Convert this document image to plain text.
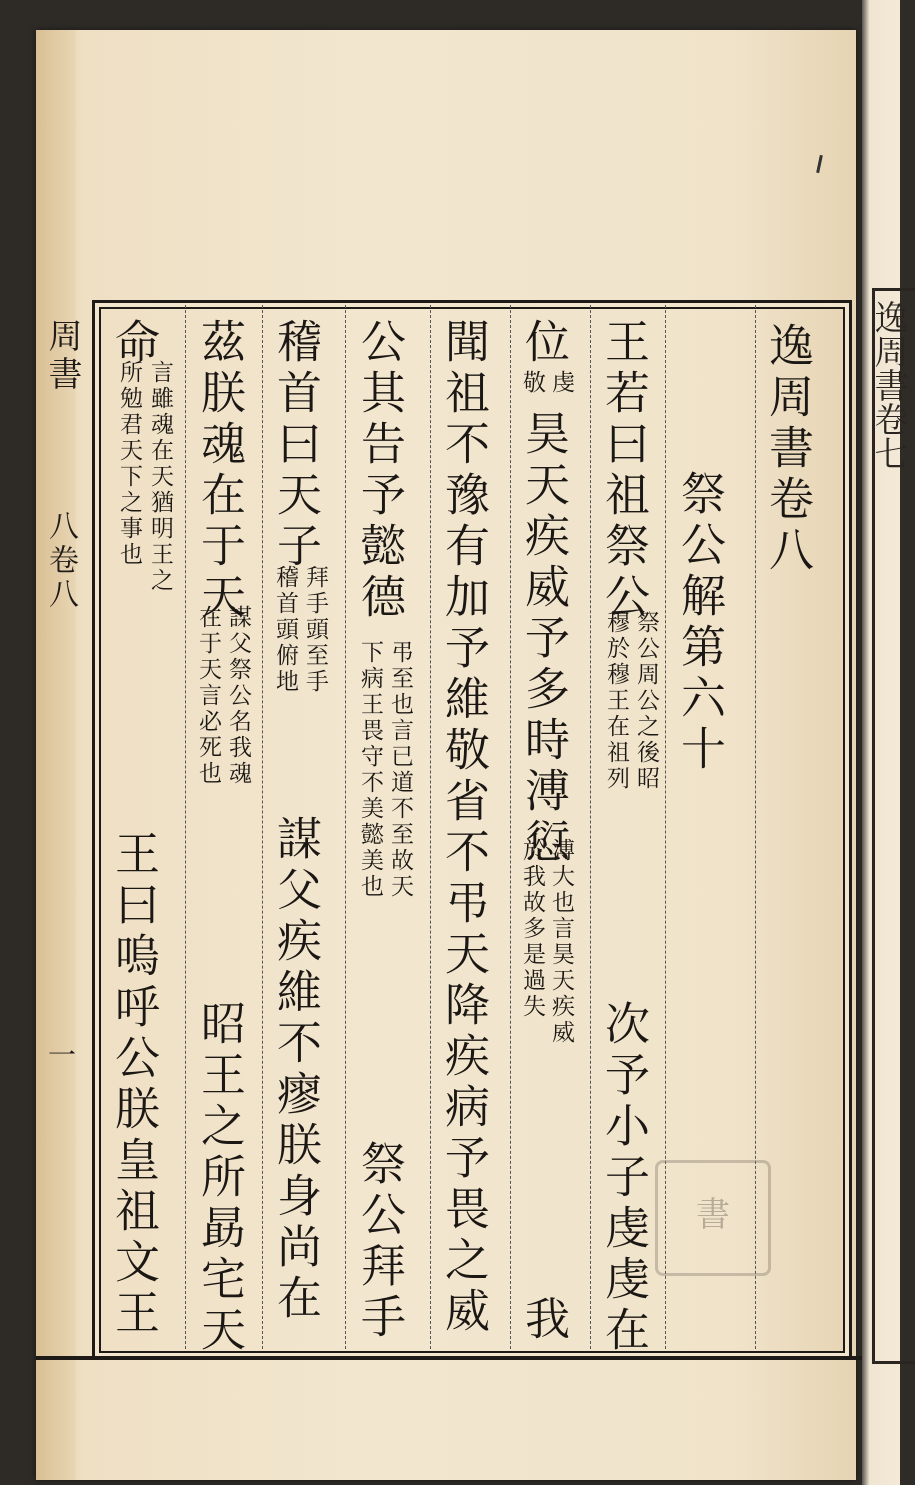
逸周書卷七
逸周書卷八
祭公解第六十
王若曰祖祭公
祭公周公之後昭
穆於穆王在祖列
次予小子虔虔在
位
虔
敬
昊天疾威予多時溥愆
溥大也言昊天疾威
於我故多是過失
我
聞祖不豫有加予維敬省不弔天降疾病予畏之威
公其告予懿德
弔至也言已道不至故天
下病王畏守不美懿美也
祭公拜手
稽首曰天子
拜手頭至手
稽首頭俯地
謀父疾維不瘳朕身尚在
茲朕魂在于天
謀父祭公名我魂
在于天言必死也
昭王之所勗宅天
命
言雖魂在天猶明王之
所勉君天下之事也
王曰嗚呼公朕皇祖文王
周書
八卷八
一
書
